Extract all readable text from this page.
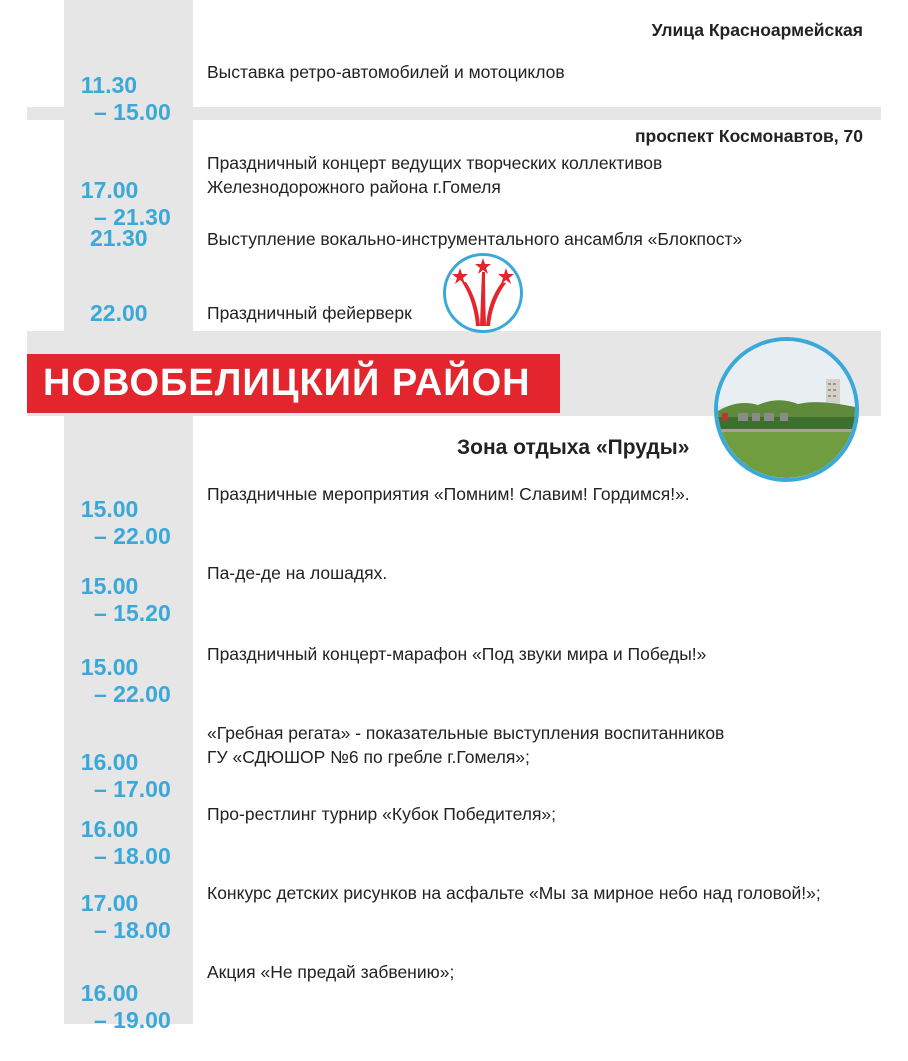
Улица Красноармейская

11.30
– 15.00

Выставка ретро-автомобилей и мотоциклов
проспект Космонавтов, 70

17.00
– 21.30

Праздничный концерт ведущих творческих коллективов
Железнодорожного района г.Гомеля
21.30	Выступление вокально-инструментального ансамбля «Блокпост»
22.00	Праздничный фейерверк
НОВОБЕЛИЦКИЙ РАЙОН
Зона отдыха «Пруды»

15.00
– 22.00

Праздничные мероприятия «Помним! Славим! Гордимся!».

15.00
– 15.20

Па-де-де на лошадях.

15.00
– 22.00

Праздничный концерт-марафон «Под звуки мира и Победы!»

16.00
– 17.00

«Гребная регата» - показательные выступления воспитанников
ГУ «СДЮШОР №6 по гребле г.Гомеля»;

16.00
– 18.00

Про-рестлинг турнир «Кубок Победителя»;

17.00
– 18.00

Конкурс детских рисунков на асфальте «Мы за мирное небо над головой!»;

16.00
– 19.00

Акция «Не предай забвению»;
